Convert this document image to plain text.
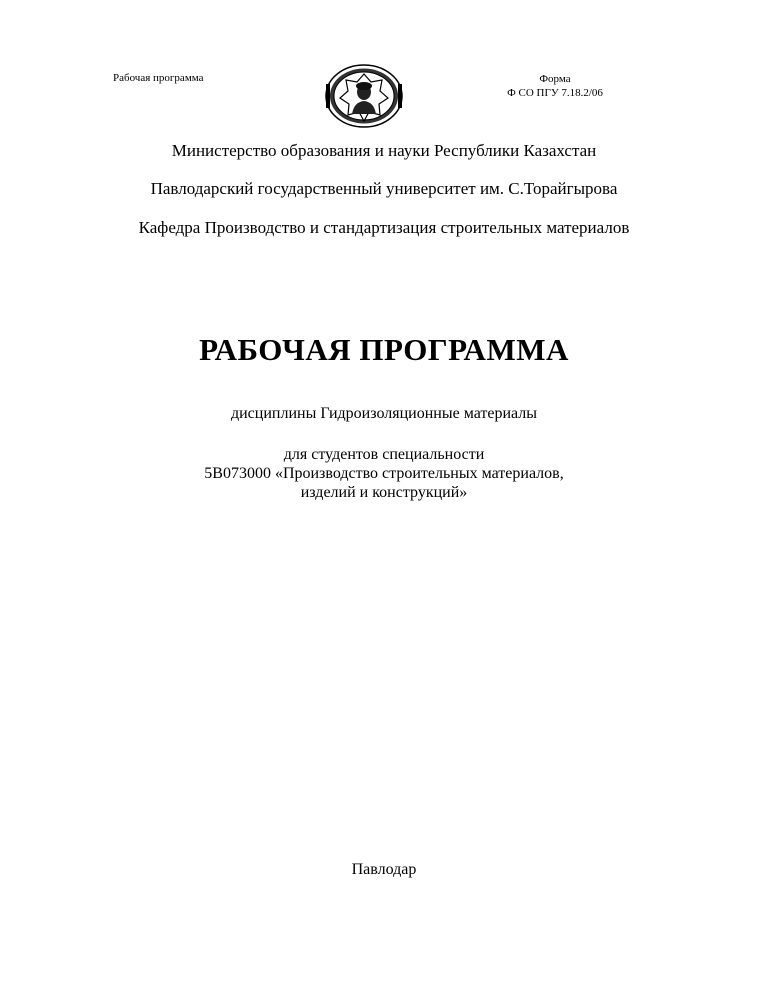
Рабочая программа	Форма
Ф СО ПГУ 7.18.2/06
Министерство образования и науки Республики Казахстан
Павлодарский государственный университет им. С.Торайгырова
Кафедра Производство и стандартизация строительных материалов
РАБОЧАЯ ПРОГРАММА
дисциплины Гидроизоляционные материалы
для студентов специальности
5В073000 «Производство строительных материалов,
изделий и конструкций»
Павлодар
